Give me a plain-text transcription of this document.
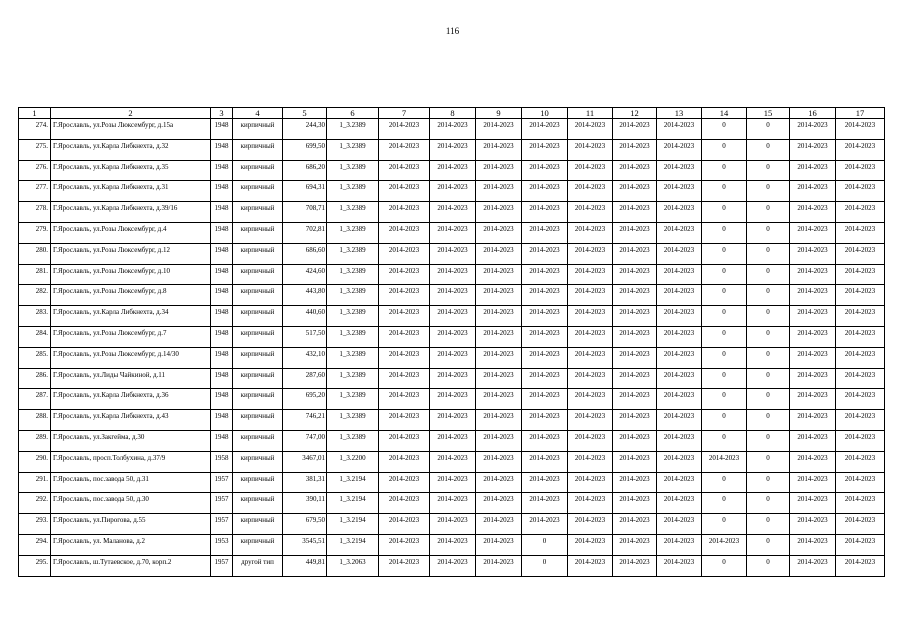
116
1	2	3	4	5	6	7	8	9	10	11	12	13	14	15	16	17
274.	Г.Ярославль, ул.Розы Люксембург, д.15а	1948	кирпичный	244,30	1_3.2389	2014-2023	2014-2023	2014-2023	2014-2023	2014-2023	2014-2023	2014-2023	0	0	2014-2023	2014-2023
275.	Г.Ярославль, ул.Карла Либкнехта, д.32	1948	кирпичный	699,50	1_3.2389	2014-2023	2014-2023	2014-2023	2014-2023	2014-2023	2014-2023	2014-2023	0	0	2014-2023	2014-2023
276.	Г.Ярославль, ул.Карла Либкнехта, д.35	1948	кирпичный	686,20	1_3.2389	2014-2023	2014-2023	2014-2023	2014-2023	2014-2023	2014-2023	2014-2023	0	0	2014-2023	2014-2023
277.	Г.Ярославль, ул.Карла Либкнехта, д.31	1948	кирпичный	694,31	1_3.2389	2014-2023	2014-2023	2014-2023	2014-2023	2014-2023	2014-2023	2014-2023	0	0	2014-2023	2014-2023
278.	Г.Ярославль, ул.Карла Либкнехта, д.39/16	1948	кирпичный	708,71	1_3.2389	2014-2023	2014-2023	2014-2023	2014-2023	2014-2023	2014-2023	2014-2023	0	0	2014-2023	2014-2023
279.	Г.Ярославль, ул.Розы Люксембург, д.4	1948	кирпичный	702,81	1_3.2389	2014-2023	2014-2023	2014-2023	2014-2023	2014-2023	2014-2023	2014-2023	0	0	2014-2023	2014-2023
280.	Г.Ярославль, ул.Розы Люксембург, д.12	1948	кирпичный	686,60	1_3.2389	2014-2023	2014-2023	2014-2023	2014-2023	2014-2023	2014-2023	2014-2023	0	0	2014-2023	2014-2023
281.	Г.Ярославль, ул.Розы Люксембург, д.10	1948	кирпичный	424,60	1_3.2389	2014-2023	2014-2023	2014-2023	2014-2023	2014-2023	2014-2023	2014-2023	0	0	2014-2023	2014-2023
282.	Г.Ярославль, ул.Розы Люксембург, д.8	1948	кирпичный	443,80	1_3.2389	2014-2023	2014-2023	2014-2023	2014-2023	2014-2023	2014-2023	2014-2023	0	0	2014-2023	2014-2023
283.	Г.Ярославль, ул.Карла Либкнехта, д.34	1948	кирпичный	440,60	1_3.2389	2014-2023	2014-2023	2014-2023	2014-2023	2014-2023	2014-2023	2014-2023	0	0	2014-2023	2014-2023
284.	Г.Ярославль, ул.Розы Люксембург, д.7	1948	кирпичный	517,50	1_3.2389	2014-2023	2014-2023	2014-2023	2014-2023	2014-2023	2014-2023	2014-2023	0	0	2014-2023	2014-2023
285.	Г.Ярославль, ул.Розы Люксембург, д.14/30	1948	кирпичный	432,10	1_3.2389	2014-2023	2014-2023	2014-2023	2014-2023	2014-2023	2014-2023	2014-2023	0	0	2014-2023	2014-2023
286.	Г.Ярославль, ул.Лиды Чайкиной, д.11	1948	кирпичный	287,60	1_3.2389	2014-2023	2014-2023	2014-2023	2014-2023	2014-2023	2014-2023	2014-2023	0	0	2014-2023	2014-2023
287.	Г.Ярославль, ул.Карла Либкнехта, д.36	1948	кирпичный	695,20	1_3.2389	2014-2023	2014-2023	2014-2023	2014-2023	2014-2023	2014-2023	2014-2023	0	0	2014-2023	2014-2023
288.	Г.Ярославль, ул.Карла Либкнехта, д.43	1948	кирпичный	746,21	1_3.2389	2014-2023	2014-2023	2014-2023	2014-2023	2014-2023	2014-2023	2014-2023	0	0	2014-2023	2014-2023
289.	Г.Ярославль, ул.Закгейма, д.30	1948	кирпичный	747,00	1_3.2389	2014-2023	2014-2023	2014-2023	2014-2023	2014-2023	2014-2023	2014-2023	0	0	2014-2023	2014-2023
290.	Г.Ярославль, просп.Толбухина, д.37/9	1958	кирпичный	3467,01	1_3.2200	2014-2023	2014-2023	2014-2023	2014-2023	2014-2023	2014-2023	2014-2023	2014-2023	0	2014-2023	2014-2023
291.	Г.Ярославль, пос.завода 50, д.31	1957	кирпичный	381,31	1_3.2194	2014-2023	2014-2023	2014-2023	2014-2023	2014-2023	2014-2023	2014-2023	0	0	2014-2023	2014-2023
292.	Г.Ярославль, пос.завода 50, д.30	1957	кирпичный	390,11	1_3.2194	2014-2023	2014-2023	2014-2023	2014-2023	2014-2023	2014-2023	2014-2023	0	0	2014-2023	2014-2023
293.	Г.Ярославль, ул.Пирогова, д.55	1957	кирпичный	679,50	1_3.2194	2014-2023	2014-2023	2014-2023	2014-2023	2014-2023	2014-2023	2014-2023	0	0	2014-2023	2014-2023
294.	Г.Ярославль, ул. Маланова, д.2	1953	кирпичный	3545,51	1_3.2194	2014-2023	2014-2023	2014-2023	0	2014-2023	2014-2023	2014-2023	2014-2023	0	2014-2023	2014-2023
295.	Г.Ярославль, ш.Тутаевское, д.70, корп.2	1957	другой тип	449,81	1_3.2063	2014-2023	2014-2023	2014-2023	0	2014-2023	2014-2023	2014-2023	0	0	2014-2023	2014-2023
